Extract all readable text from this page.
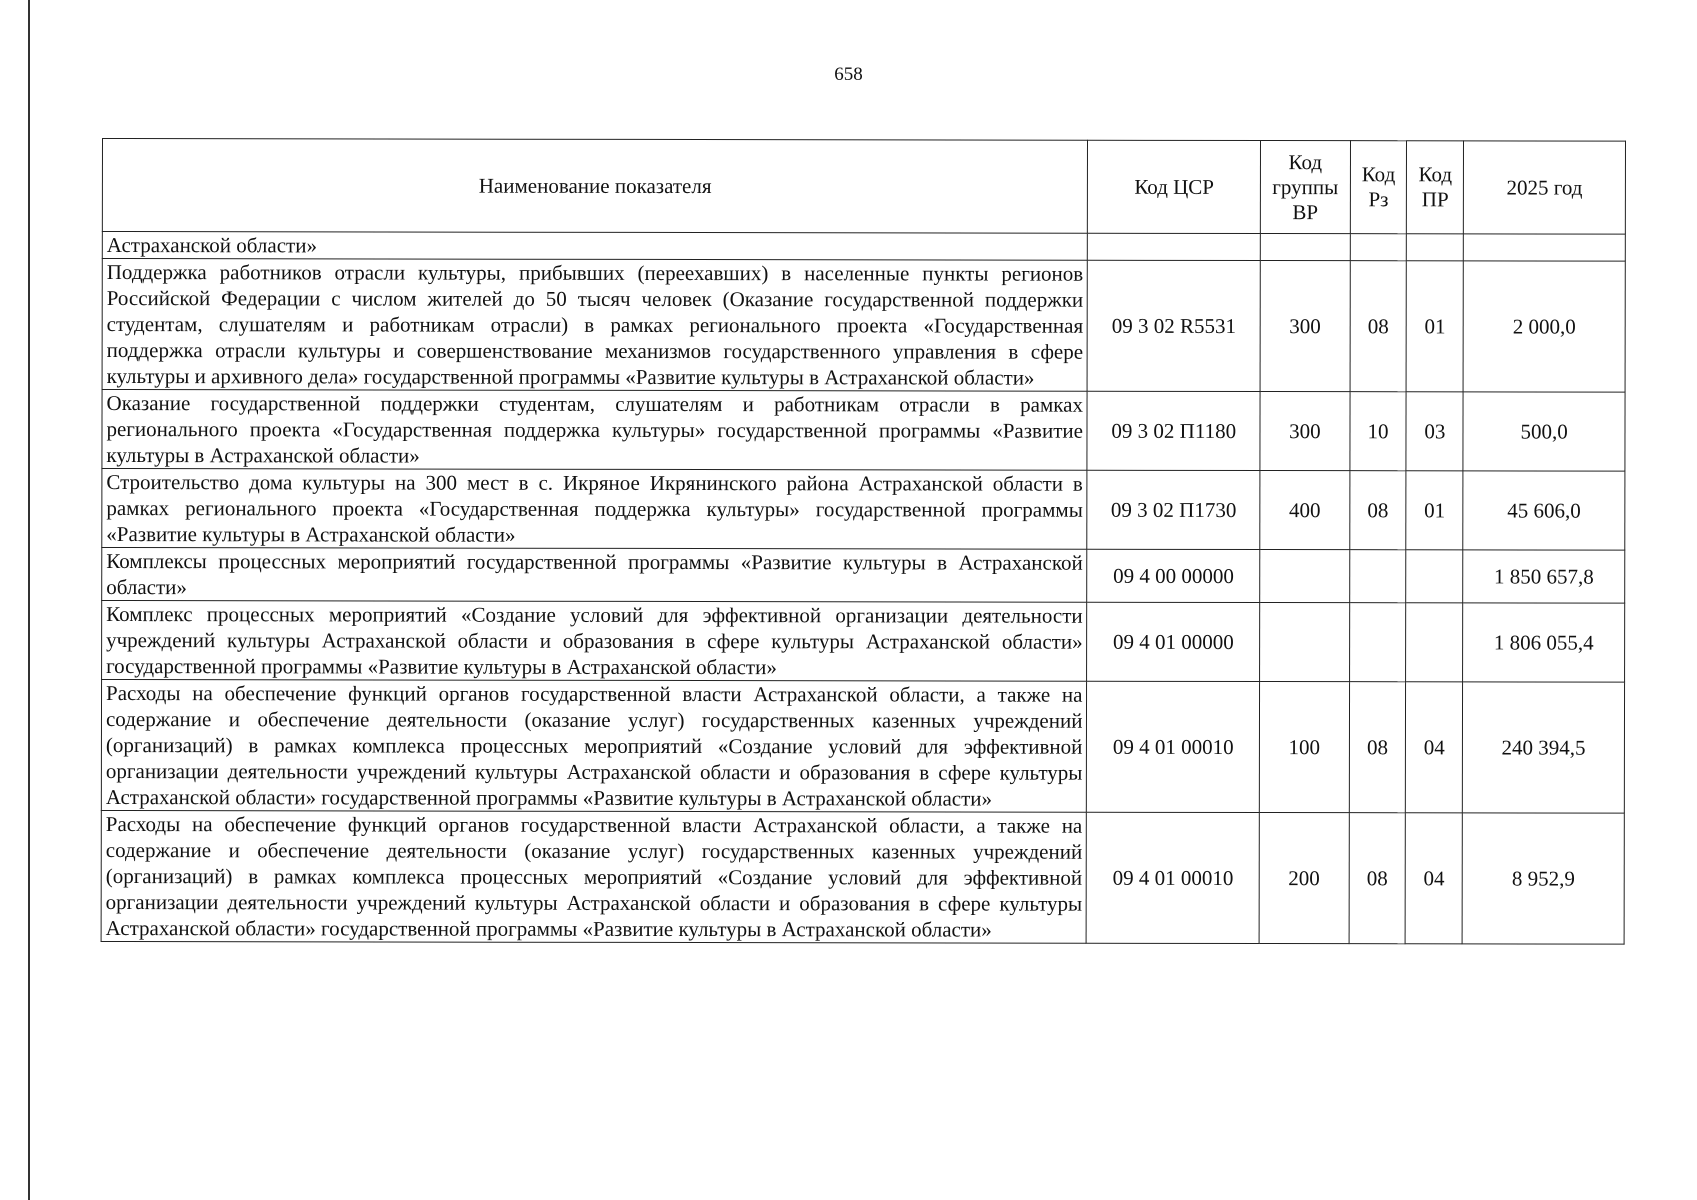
658
Наименование показателя	Код ЦСР	Код группы ВР	Код Рз	Код ПР	2025 год
Астраханской области»					
Поддержка работников отрасли культуры, прибывших (переехавших) в населенные пункты регионов Российской Федерации с числом жителей до 50 тысяч человек (Оказание государственной поддержки студентам, слушателям и работникам отрасли) в рамках регионального проекта «Государственная поддержка отрасли культуры и совершенствование механизмов государственного управления в сфере культуры и архивного дела» государственной программы «Развитие культуры в Астраханской области»	09 3 02 R5531	300	08	01	2 000,0
Оказание государственной поддержки студентам, слушателям и работникам отрасли в рамках регионального проекта «Государственная поддержка культуры» государственной программы «Развитие культуры в Астраханской области»	09 3 02 П1180	300	10	03	500,0
Строительство дома культуры на 300 мест в с. Икряное Икрянинского района Астраханской области в рамках регионального проекта «Государственная поддержка культуры» государственной программы «Развитие культуры в Астраханской области»	09 3 02 П1730	400	08	01	45 606,0
Комплексы процессных мероприятий государственной программы «Развитие культуры в Астраханской области»	09 4 00 00000				1 850 657,8
Комплекс процессных мероприятий «Создание условий для эффективной организации деятельности учреждений культуры Астраханской области и образования в сфере культуры Астраханской области» государственной программы «Развитие культуры в Астраханской области»	09 4 01 00000				1 806 055,4
Расходы на обеспечение функций органов государственной власти Астраханской области, а также на содержание и обеспечение деятельности (оказание услуг) государственных казенных учреждений (организаций) в рамках комплекса процессных мероприятий «Создание условий для эффективной организации деятельности учреждений культуры Астраханской области и образования в сфере культуры Астраханской области» государственной программы «Развитие культуры в Астраханской области»	09 4 01 00010	100	08	04	240 394,5
Расходы на обеспечение функций органов государственной власти Астраханской области, а также на содержание и обеспечение деятельности (оказание услуг) государственных казенных учреждений (организаций) в рамках комплекса процессных мероприятий «Создание условий для эффективной организации деятельности учреждений культуры Астраханской области и образования в сфере культуры Астраханской области» государственной программы «Развитие культуры в Астраханской области»	09 4 01 00010	200	08	04	8 952,9
